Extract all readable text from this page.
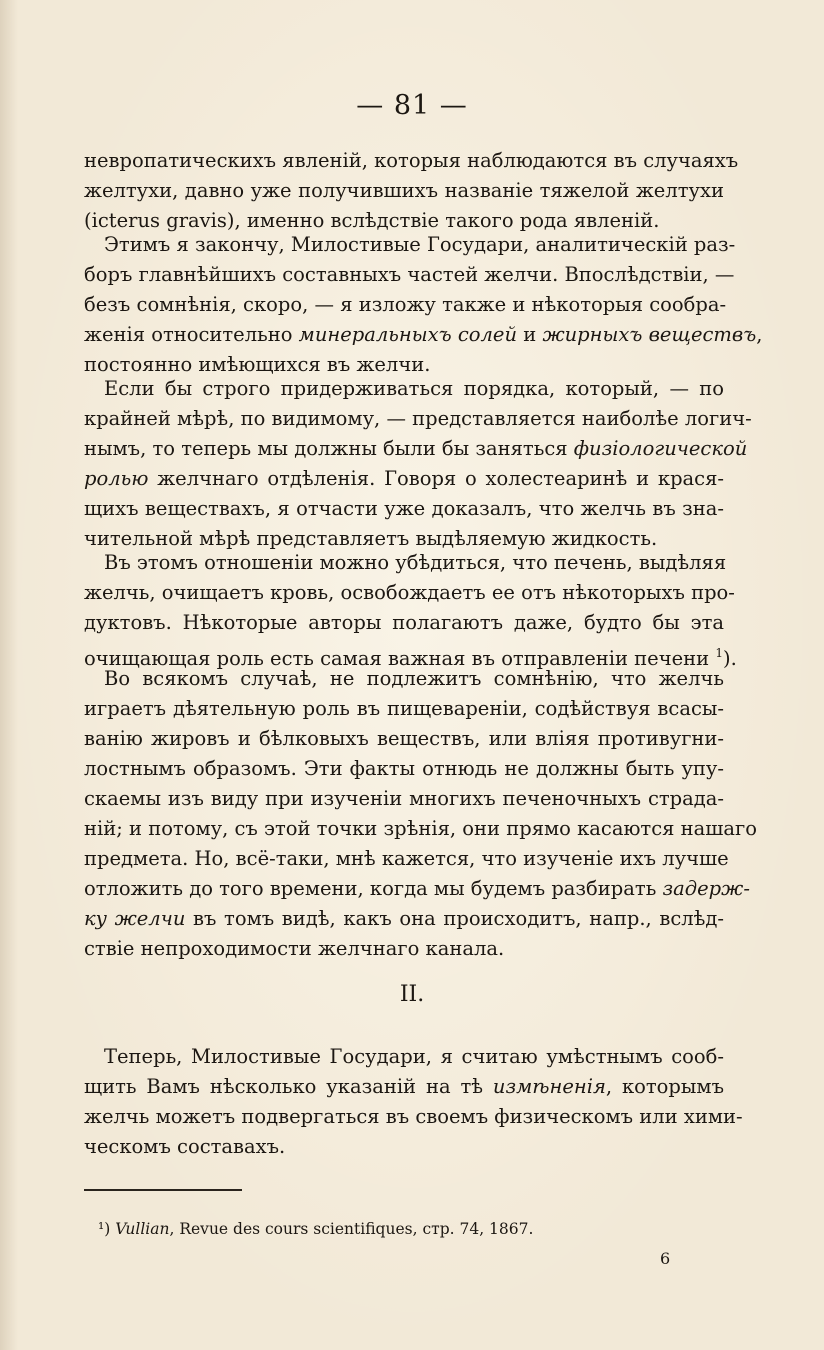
— 81 —
невропатическихъ явленій, которыя наблюдаются въ случаяхъ
желтухи, давно уже получившихъ названіе тяжелой желтухи
(icterus gravis), именно вслѣдствіе такого рода явленій.
Этимъ я закончу, Милостивые Государи, аналитическій раз-
боръ главнѣйшихъ составныхъ частей желчи. Впослѣдствіи, —
безъ сомнѣнія, скоро, — я изложу также и нѣкоторыя сообра-
женія относительно минеральныхъ солей и жирныхъ веществъ,
постоянно имѣющихся въ желчи.
Если бы строго придерживаться порядка, который, — по
крайней мѣрѣ, по видимому, — представляется наиболѣе логич-
нымъ, то теперь мы должны были бы заняться физіологической
ролью желчнаго отдѣленія. Говоря о холестеаринѣ и крася-
щихъ веществахъ, я отчасти уже доказалъ, что желчь въ зна-
чительной мѣрѣ представляетъ выдѣляемую жидкость.
Въ этомъ отношеніи можно убѣдиться, что печень, выдѣляя
желчь, очищаетъ кровь, освобождаетъ ее отъ нѣкоторыхъ про-
дуктовъ. Нѣкоторые авторы полагаютъ даже, будто бы эта
очищающая роль есть самая важная въ отправленіи печени $^1$).
Во всякомъ случаѣ, не подлежитъ сомнѣнію, что желчь
играетъ дѣятельную роль въ пищевареніи, содѣйствуя всасы-
ванію жировъ и бѣлковыхъ веществъ, или вліяя противугни-
лостнымъ образомъ. Эти факты отнюдь не должны быть упу-
скаемы изъ виду при изученіи многихъ печеночныхъ страда-
ній; и потому, съ этой точки зрѣнія, они прямо касаются нашаго
предмета. Но, всё-таки, мнѣ кажется, что изученіе ихъ лучше
отложить до того времени, когда мы будемъ разбирать задерж-
ку желчи въ томъ видѣ, какъ она происходитъ, напр., вслѣд-
ствіе непроходимости желчнаго канала.
II.
Теперь, Милостивые Государи, я считаю умѣстнымъ сооб-
щить Вамъ нѣсколько указаній на тѣ измѣненія, которымъ
желчь можетъ подвергаться въ своемъ физическомъ или хими-
ческомъ составахъ.
¹) Vullian, Revue des cours scientifiques, стр. 74, 1867.
6
